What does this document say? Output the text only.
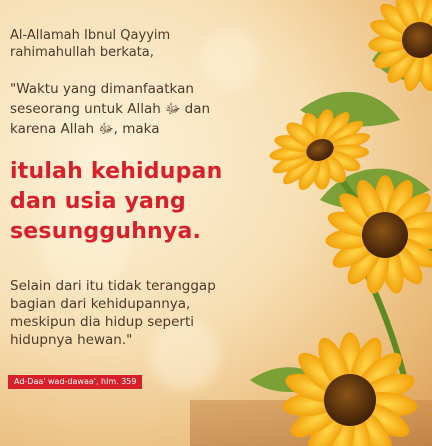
Al-Allamah Ibnul Qayyim
rahimahullah berkata,

"Waktu yang dimanfaatkan
seseorang untuk Allah ﷻ dan
karena Allah ﷻ, maka

itulah kehidupan
dan usia yang
sesungguhnya.

Selain dari itu tidak teranggap
bagian dari kehidupannya,
meskipun dia hidup seperti
hidupnya hewan."

Ad-Daa' wad-dawaa', hlm. 359
